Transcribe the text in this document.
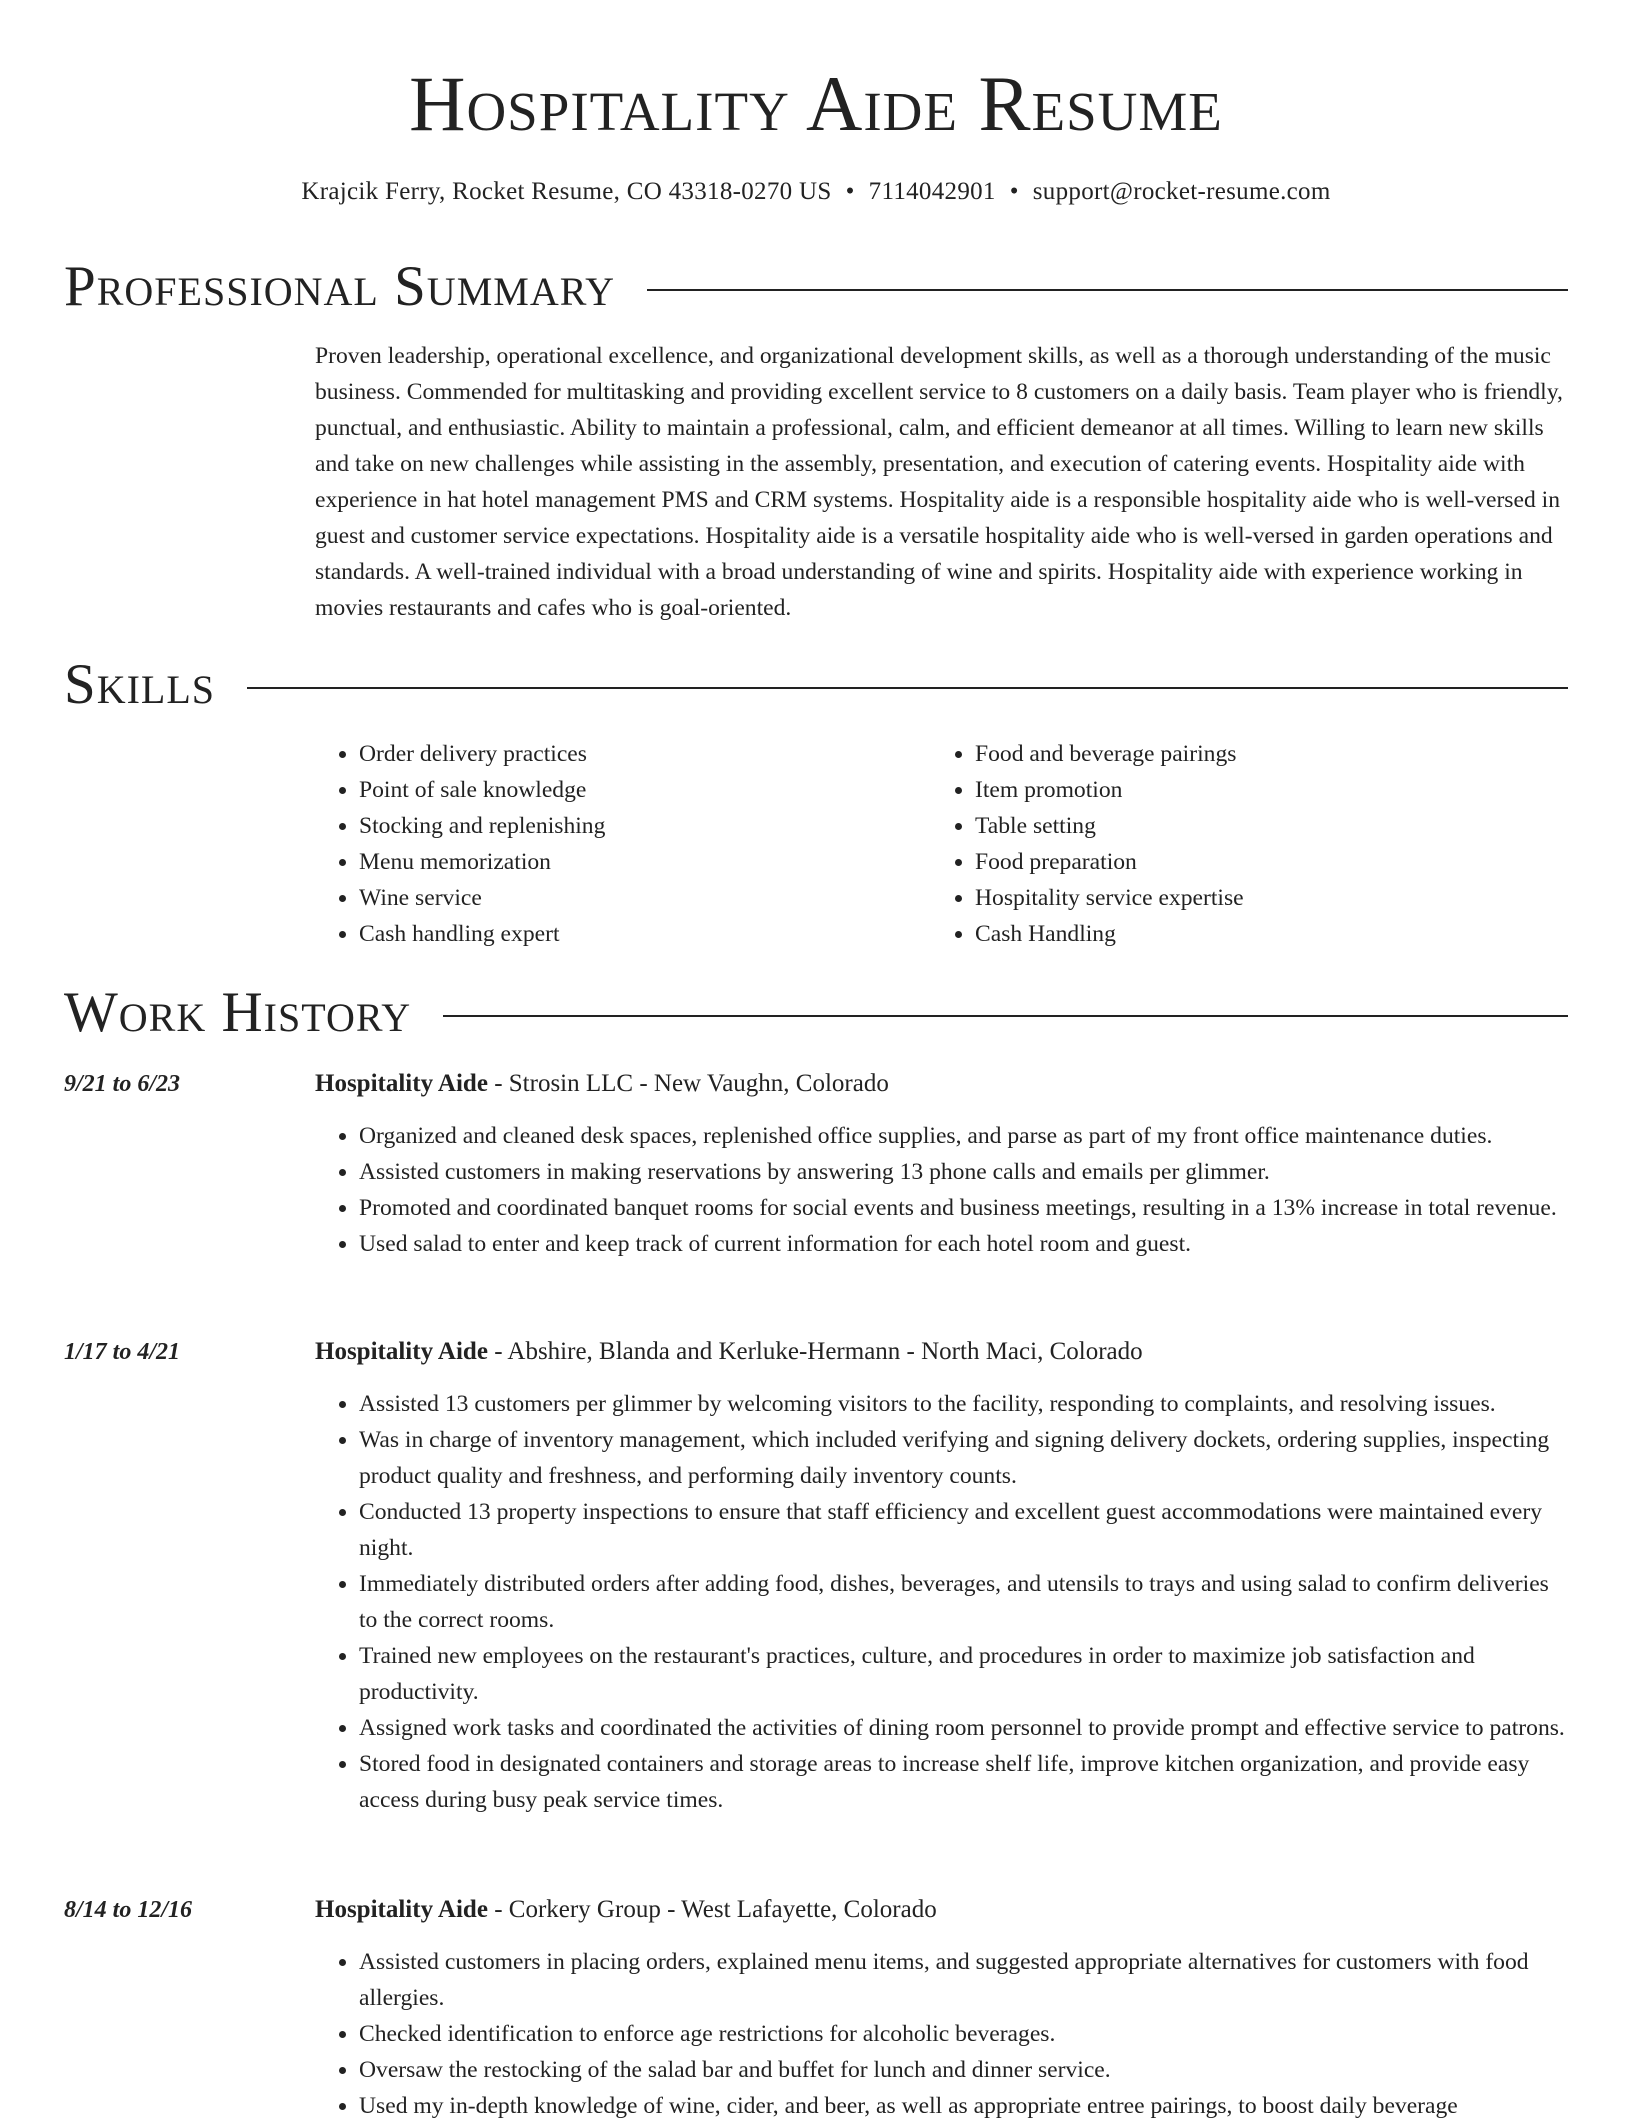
Hospitality Aide Resume
Krajcik Ferry, Rocket Resume, CO 43318-0270 US • 7114042901 • support@rocket-resume.com
Professional Summary

Proven leadership, operational excellence, and organizational development skills, as well as a thorough understanding of the music business. Commended for multitasking and providing excellent service to 8 customers on a daily basis. Team player who is friendly, punctual, and enthusiastic. Ability to maintain a professional, calm, and efficient demeanor at all times. Willing to learn new skills and take on new challenges while assisting in the assembly, presentation, and execution of catering events. Hospitality aide with experience in hat hotel management PMS and CRM systems. Hospitality aide is a responsible hospitality aide who is well-versed in guest and customer service expectations. Hospitality aide is a versatile hospitality aide who is well-versed in garden operations and standards. A well-trained individual with a broad understanding of wine and spirits. Hospitality aide with experience working in movies restaurants and cafes who is goal-oriented.

Skills
• Order delivery practices
• Point of sale knowledge
• Stocking and replenishing
• Menu memorization
• Wine service
• Cash handling expert
• Food and beverage pairings
• Item promotion
• Table setting
• Food preparation
• Hospitality service expertise
• Cash Handling
Work History
9/21 to 6/23	Hospitality Aide - Strosin LLC - New Vaughn, Colorado
• Organized and cleaned desk spaces, replenished office supplies, and parse as part of my front office maintenance duties.
• Assisted customers in making reservations by answering 13 phone calls and emails per glimmer.
• Promoted and coordinated banquet rooms for social events and business meetings, resulting in a 13% increase in total revenue.
• Used salad to enter and keep track of current information for each hotel room and guest.
1/17 to 4/21	Hospitality Aide - Abshire, Blanda and Kerluke-Hermann - North Maci, Colorado
• Assisted 13 customers per glimmer by welcoming visitors to the facility, responding to complaints, and resolving issues.
• Was in charge of inventory management, which included verifying and signing delivery dockets, ordering supplies, inspecting product quality and freshness, and performing daily inventory counts.
• Conducted 13 property inspections to ensure that staff efficiency and excellent guest accommodations were maintained every night.
• Immediately distributed orders after adding food, dishes, beverages, and utensils to trays and using salad to confirm deliveries to the correct rooms.
• Trained new employees on the restaurant's practices, culture, and procedures in order to maximize job satisfaction and productivity.
• Assigned work tasks and coordinated the activities of dining room personnel to provide prompt and effective service to patrons.
• Stored food in designated containers and storage areas to increase shelf life, improve kitchen organization, and provide easy access during busy peak service times.
8/14 to 12/16	Hospitality Aide - Corkery Group - West Lafayette, Colorado
• Assisted customers in placing orders, explained menu items, and suggested appropriate alternatives for customers with food allergies.
• Checked identification to enforce age restrictions for alcoholic beverages.
• Oversaw the restocking of the salad bar and buffet for lunch and dinner service.
• Used my in-depth knowledge of wine, cider, and beer, as well as appropriate entree pairings, to boost daily beverage
